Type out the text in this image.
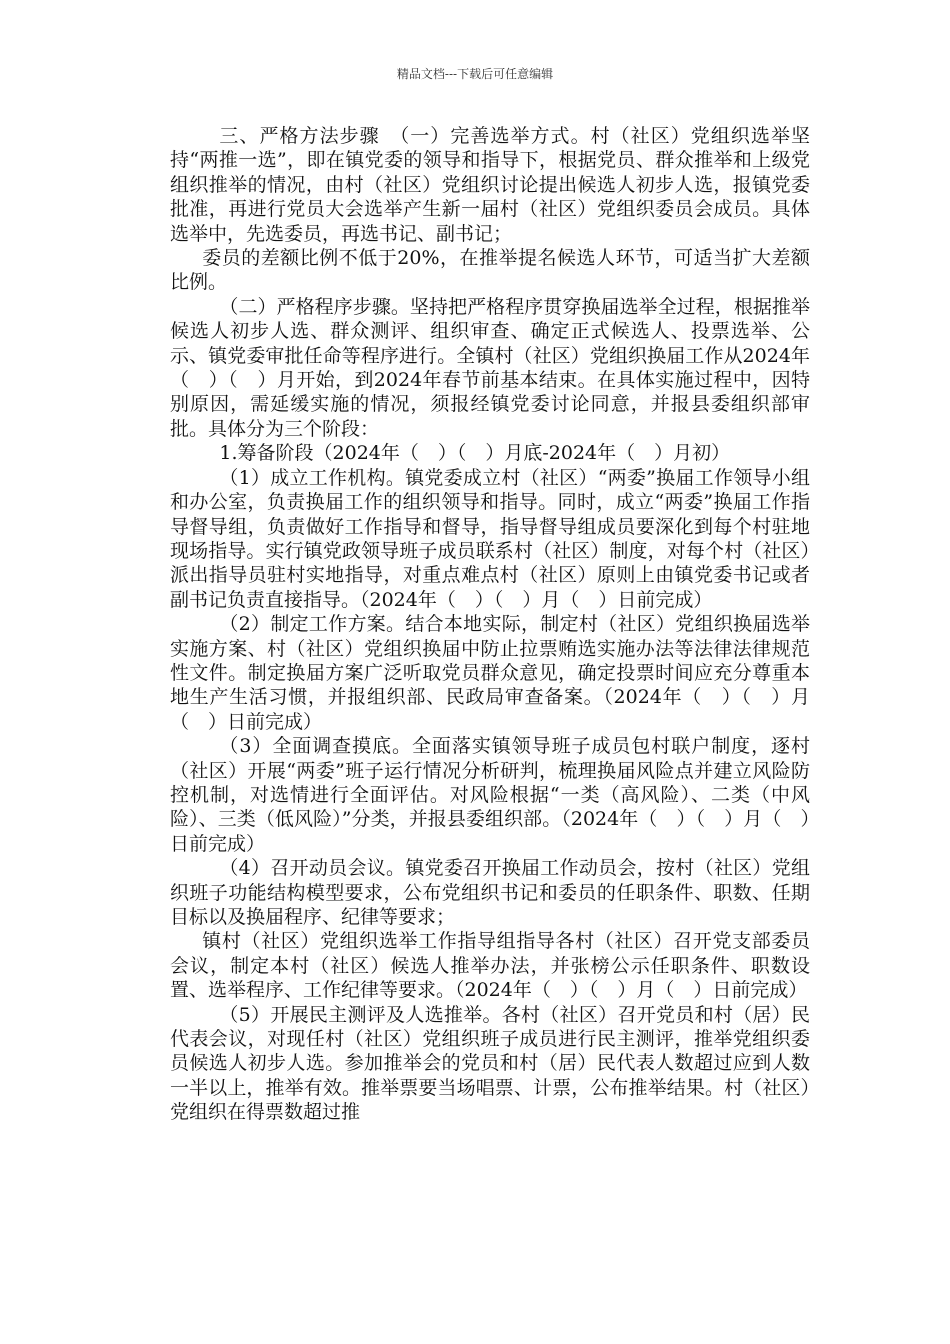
精品文档---下载后可任意编辑

三、严格方法步骤　（一）完善选举方式。村（社区）党组织选举坚持“两推一选”，即在镇党委的领导和指导下，根据党员、群众推举和上级党组织推举的情况，由村（社区）党组织讨论提出候选人初步人选，报镇党委批准，再进行党员大会选举产生新一届村（社区）党组织委员会成员。具体选举中，先选委员，再选书记、副书记；

委员的差额比例不低于20%，在推举提名候选人环节，可适当扩大差额比例。

（二）严格程序步骤。坚持把严格程序贯穿换届选举全过程，根据推举候选人初步人选、群众测评、组织审查、确定正式候选人、投票选举、公示、镇党委审批任命等程序进行。全镇村（社区）党组织换届工作从2024年（　）（　）月开始，到2024年春节前基本结束。在具体实施过程中，因特别原因，需延缓实施的情况，须报经镇党委讨论同意，并报县委组织部审批。具体分为三个阶段：

1.筹备阶段（2024年（　）（　）月底-2024年（　）月初）

（1）成立工作机构。镇党委成立村（社区）“两委”换届工作领导小组和办公室，负责换届工作的组织领导和指导。同时，成立“两委”换届工作指导督导组，负责做好工作指导和督导，指导督导组成员要深化到每个村驻地现场指导。实行镇党政领导班子成员联系村（社区）制度，对每个村（社区）派出指导员驻村实地指导，对重点难点村（社区）原则上由镇党委书记或者副书记负责直接指导。（2024年（　）（　）月（　）日前完成）

（2）制定工作方案。结合本地实际，制定村（社区）党组织换届选举实施方案、村（社区）党组织换届中防止拉票贿选实施办法等法律法律规范性文件。制定换届方案广泛听取党员群众意见，确定投票时间应充分尊重本地生产生活习惯，并报组织部、民政局审查备案。（2024年（　）（　）月（　）日前完成）

（3）全面调查摸底。全面落实镇领导班子成员包村联户制度，逐村（社区）开展“两委”班子运行情况分析研判，梳理换届风险点并建立风险防控机制，对选情进行全面评估。对风险根据“一类（高风险）、二类（中风险）、三类（低风险）”分类，并报县委组织部。（2024年（　）（　）月（　）日前完成）

（4）召开动员会议。镇党委召开换届工作动员会，按村（社区）党组织班子功能结构模型要求，公布党组织书记和委员的任职条件、职数、任期目标以及换届程序、纪律等要求；

镇村（社区）党组织选举工作指导组指导各村（社区）召开党支部委员会议，制定本村（社区）候选人推举办法，并张榜公示任职条件、职数设置、选举程序、工作纪律等要求。（2024年（　）（　）月（　）日前完成）

（5）开展民主测评及人选推举。各村（社区）召开党员和村（居）民代表会议，对现任村（社区）党组织班子成员进行民主测评，推举党组织委员候选人初步人选。参加推举会的党员和村（居）民代表人数超过应到人数一半以上，推举有效。推举票要当场唱票、计票，公布推举结果。村（社区）党组织在得票数超过推
